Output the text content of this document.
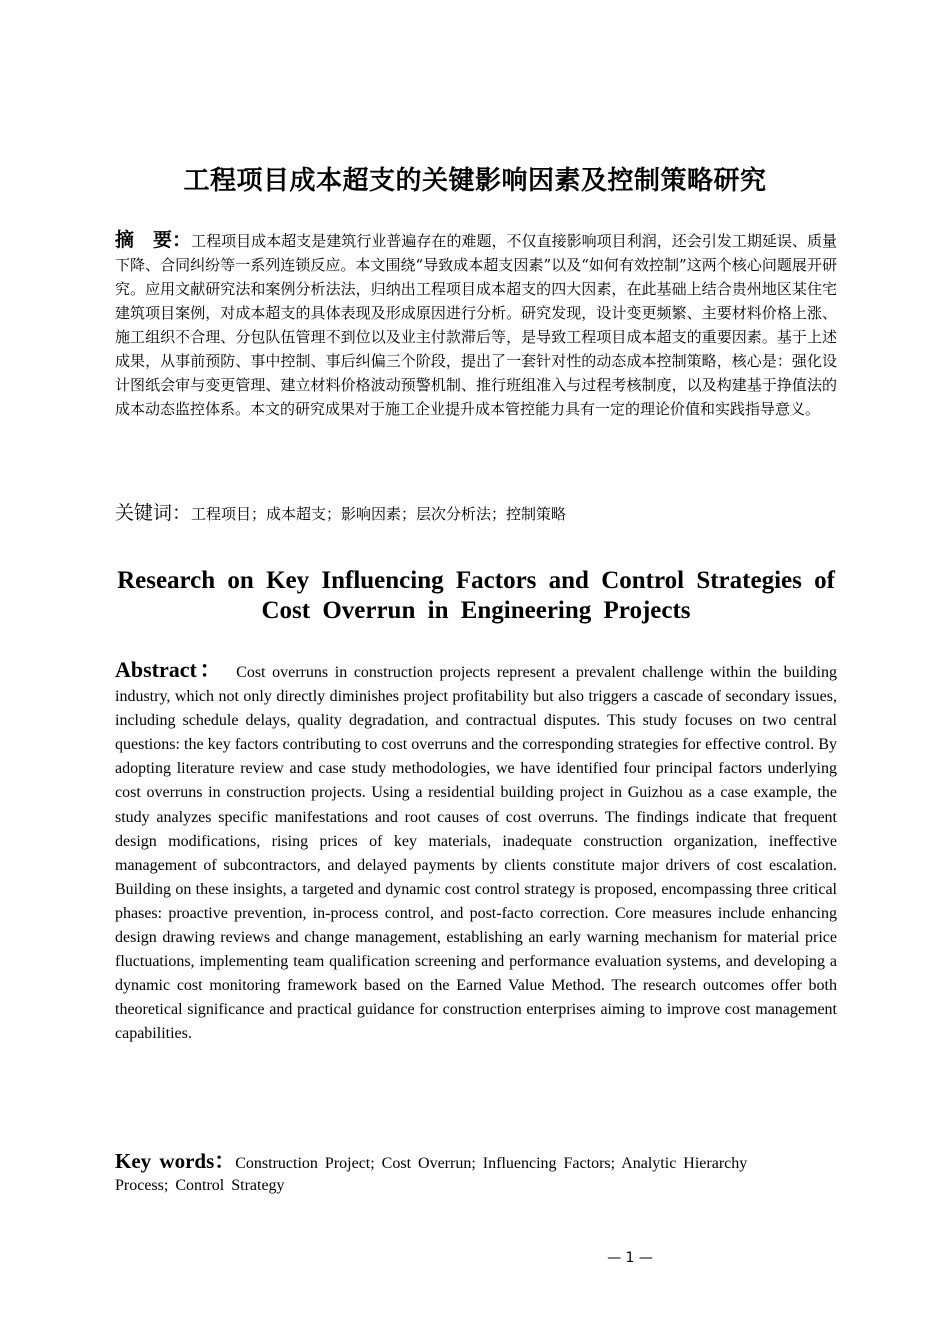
工程项目成本超支的关键影响因素及控制策略研究
摘　要：工程项目成本超支是建筑行业普遍存在的难题，不仅直接影响项目利润，还会引发工期延误、质量下降、合同纠纷等一系列连锁反应。本文围绕“导致成本超支因素”以及“如何有效控制”这两个核心问题展开研究。应用文献研究法和案例分析法法，归纳出工程项目成本超支的四大因素，在此基础上结合贵州地区某住宅建筑项目案例，对成本超支的具体表现及形成原因进行分析。研究发现，设计变更频繁、主要材料价格上涨、施工组织不合理、分包队伍管理不到位以及业主付款滞后等，是导致工程项目成本超支的重要因素。基于上述成果，从事前预防、事中控制、事后纠偏三个阶段，提出了一套针对性的动态成本控制策略，核心是：强化设计图纸会审与变更管理、建立材料价格波动预警机制、推行班组准入与过程考核制度，以及构建基于挣值法的成本动态监控体系。本文的研究成果对于施工企业提升成本管控能力具有一定的理论价值和实践指导意义。
关键词：工程项目；成本超支；影响因素；层次分析法；控制策略
Research on Key Influencing Factors and Control Strategies of Cost Overrun in Engineering Projects
Abstract： Cost overruns in construction projects represent a prevalent challenge within the building industry, which not only directly diminishes project profitability but also triggers a cascade of secondary issues, including schedule delays, quality degradation, and contractual disputes. This study focuses on two central questions: the key factors contributing to cost overruns and the corresponding strategies for effective control. By adopting literature review and case study methodologies, we have identified four principal factors underlying cost overruns in construction projects. Using a residential building project in Guizhou as a case example, the study analyzes specific manifestations and root causes of cost overruns. The findings indicate that frequent design modifications, rising prices of key materials, inadequate construction organization, ineffective management of subcontractors, and delayed payments by clients constitute major drivers of cost escalation. Building on these insights, a targeted and dynamic cost control strategy is proposed, encompassing three critical phases: proactive prevention, in-process control, and post-facto correction. Core measures include enhancing design drawing reviews and change management, establishing an early warning mechanism for material price fluctuations, implementing team qualification screening and performance evaluation systems, and developing a dynamic cost monitoring framework based on the Earned Value Method. The research outcomes offer both theoretical significance and practical guidance for construction enterprises aiming to improve cost management capabilities.
Key words：Construction Project; Cost Overrun; Influencing Factors; Analytic Hierarchy Process; Control Strategy
— 1 —
